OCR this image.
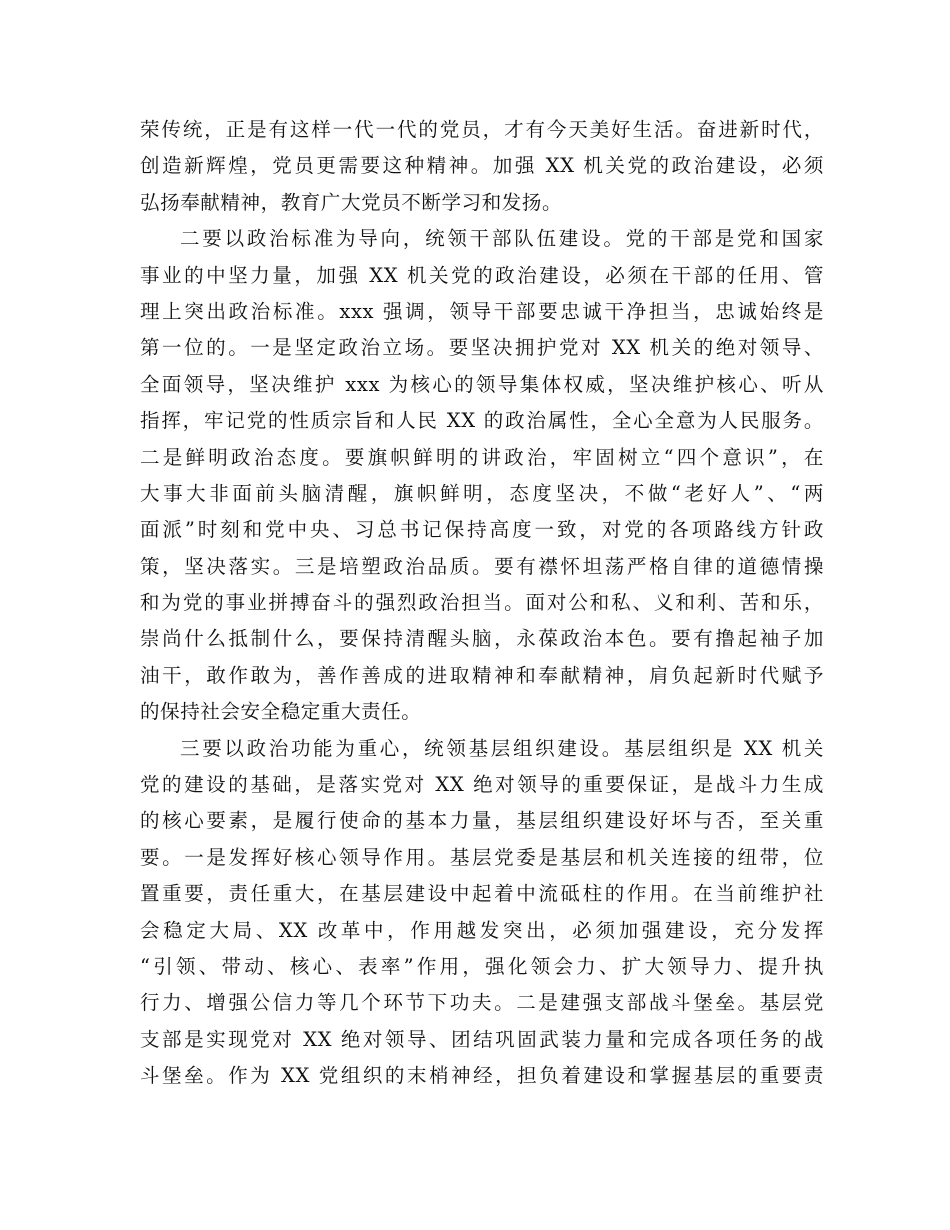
荣传统，正是有这样一代一代的党员，才有今天美好生活。奋进新时代，
创造新辉煌，党员更需要这种精神。加强 XX 机关党的政治建设，必须
弘扬奉献精神，教育广大党员不断学习和发扬。
二要以政治标准为导向，统领干部队伍建设。党的干部是党和国家
事业的中坚力量，加强 XX 机关党的政治建设，必须在干部的任用、管
理上突出政治标准。xxx 强调，领导干部要忠诚干净担当，忠诚始终是
第一位的。一是坚定政治立场。要坚决拥护党对 XX 机关的绝对领导、
全面领导，坚决维护 xxx 为核心的领导集体权威，坚决维护核心、听从
指挥，牢记党的性质宗旨和人民 XX 的政治属性，全心全意为人民服务。
二是鲜明政治态度。要旗帜鲜明的讲政治，牢固树立“四个意识”，在
大事大非面前头脑清醒，旗帜鲜明，态度坚决，不做“老好人”、“两
面派”时刻和党中央、习总书记保持高度一致，对党的各项路线方针政
策，坚决落实。三是培塑政治品质。要有襟怀坦荡严格自律的道德情操
和为党的事业拼搏奋斗的强烈政治担当。面对公和私、义和利、苦和乐，
崇尚什么抵制什么，要保持清醒头脑，永葆政治本色。要有撸起袖子加
油干，敢作敢为，善作善成的进取精神和奉献精神，肩负起新时代赋予
的保持社会安全稳定重大责任。
三要以政治功能为重心，统领基层组织建设。基层组织是 XX 机关
党的建设的基础，是落实党对 XX 绝对领导的重要保证，是战斗力生成
的核心要素，是履行使命的基本力量，基层组织建设好坏与否，至关重
要。一是发挥好核心领导作用。基层党委是基层和机关连接的纽带，位
置重要，责任重大，在基层建设中起着中流砥柱的作用。在当前维护社
会稳定大局、XX 改革中，作用越发突出，必须加强建设，充分发挥
“引领、带动、核心、表率”作用，强化领会力、扩大领导力、提升执
行力、增强公信力等几个环节下功夫。二是建强支部战斗堡垒。基层党
支部是实现党对 XX 绝对领导、团结巩固武装力量和完成各项任务的战
斗堡垒。作为 XX 党组织的末梢神经，担负着建设和掌握基层的重要责
